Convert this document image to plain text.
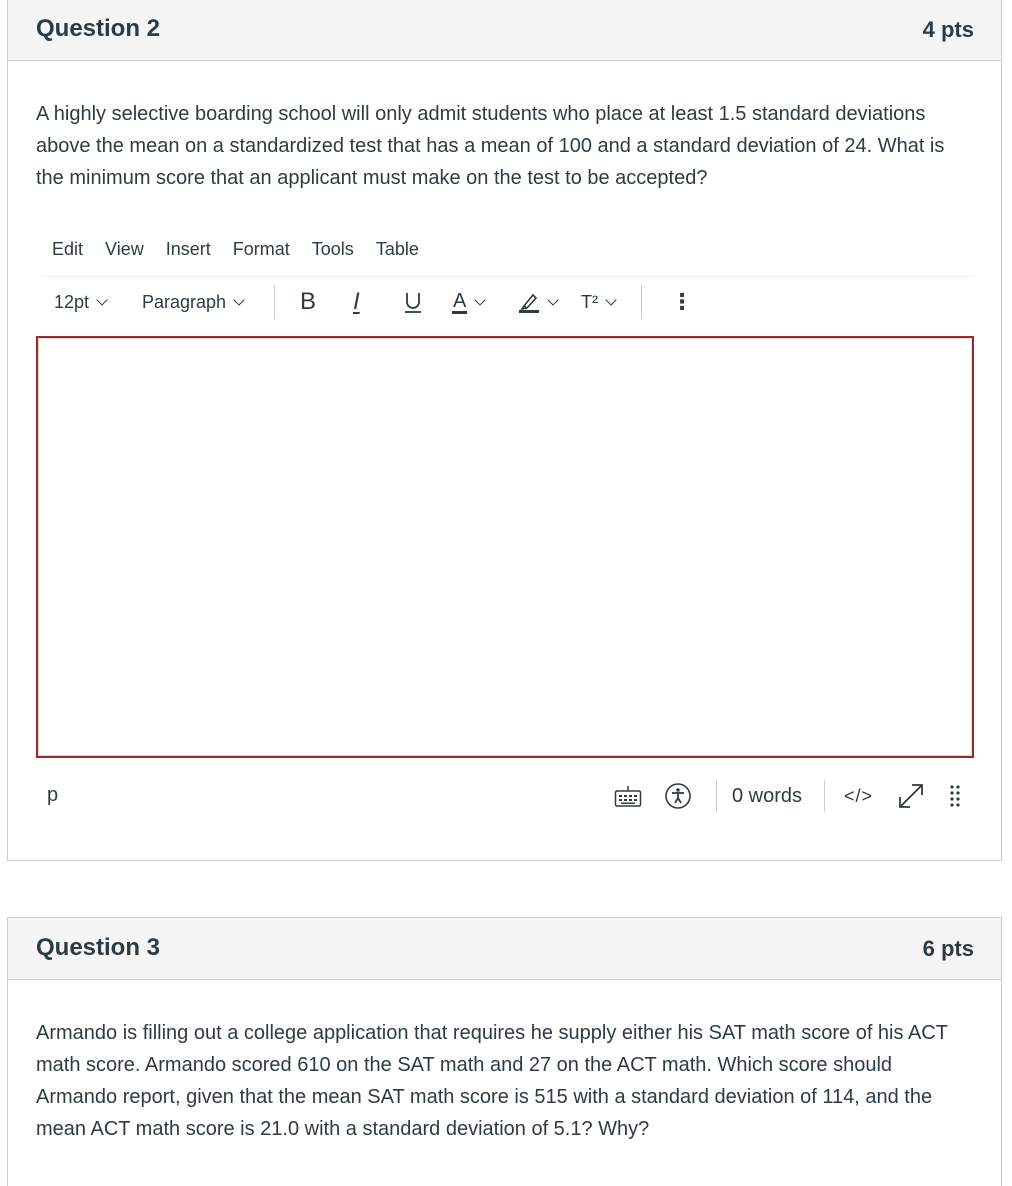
Question 2	4 pts
A highly selective boarding school will only admit students who place at least 1.5 standard deviations above the mean on a standardized test that has a mean of 100 and a standard deviation of 24. What is the minimum score that an applicant must make on the test to be accepted?
Edit View Insert Format Tools Table
12pt	Paragraph	B I	A	T²	⋮
p	0 words </>
Question 3	6 pts
Armando is filling out a college application that requires he supply either his SAT math score of his ACT math score. Armando scored 610 on the SAT math and 27 on the ACT math. Which score should Armando report, given that the mean SAT math score is 515 with a standard deviation of 114, and the mean ACT math score is 21.0 with a standard deviation of 5.1? Why?
